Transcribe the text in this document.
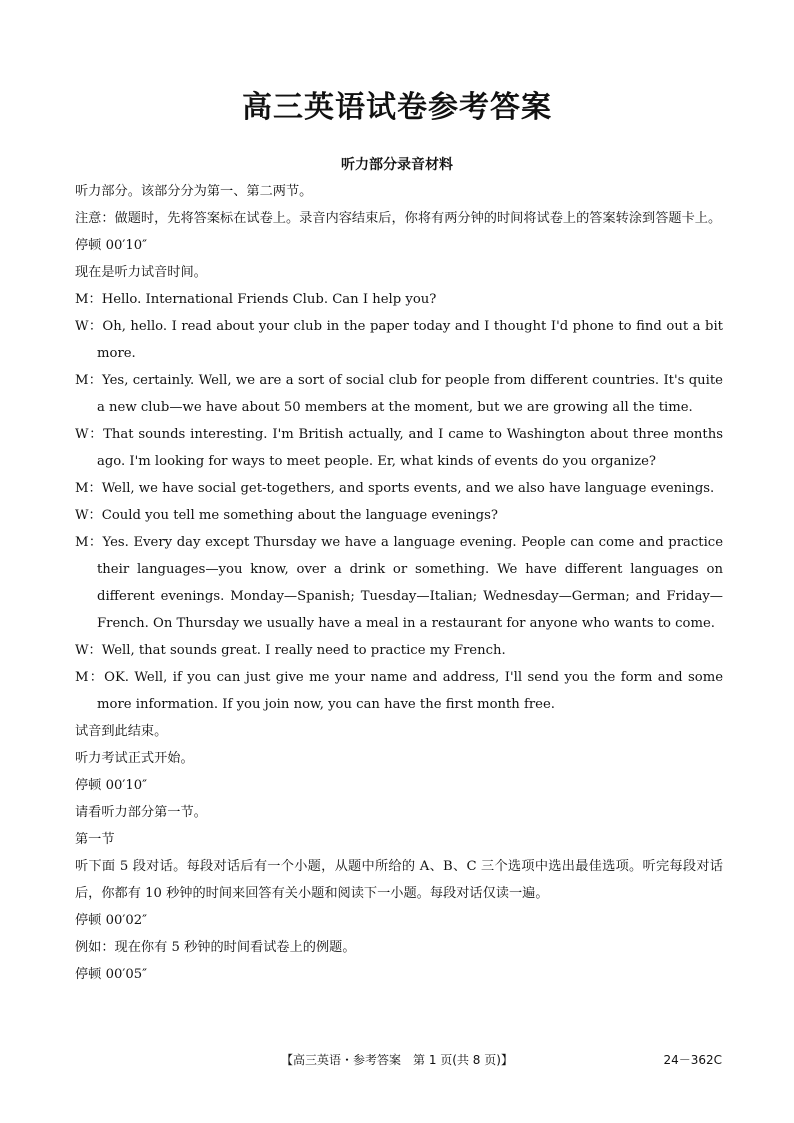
高三英语试卷参考答案
听力部分录音材料

听力部分。该部分分为第一、第二两节。

注意：做题时，先将答案标在试卷上。录音内容结束后，你将有两分钟的时间将试卷上的答案转涂到答题卡上。

停顿 00′10″

现在是听力试音时间。

M：Hello. International Friends Club. Can I help you?

W：Oh, hello. I read about your club in the paper today and I thought I'd phone to find out a bit more.

M：Yes, certainly. Well, we are a sort of social club for people from different countries. It's quite a new club—we have about 50 members at the moment, but we are growing all the time.

W：That sounds interesting. I'm British actually, and I came to Washington about three months ago. I'm looking for ways to meet people. Er, what kinds of events do you organize?

M：Well, we have social get-togethers, and sports events, and we also have language evenings.

W：Could you tell me something about the language evenings?

M：Yes. Every day except Thursday we have a language evening. People can come and practice their languages—you know, over a drink or something. We have different languages on different evenings. Monday—Spanish; Tuesday—Italian; Wednesday—German; and Friday—French. On Thursday we usually have a meal in a restaurant for anyone who wants to come.

W：Well, that sounds great. I really need to practice my French.

M：OK. Well, if you can just give me your name and address, I'll send you the form and some more information. If you join now, you can have the first month free.

试音到此结束。

听力考试正式开始。

停顿 00′10″

请看听力部分第一节。

第一节

听下面 5 段对话。每段对话后有一个小题，从题中所给的 A、B、C 三个选项中选出最佳选项。听完每段对话后，你都有 10 秒钟的时间来回答有关小题和阅读下一小题。每段对话仅读一遍。

停顿 00′02″

例如：现在你有 5 秒钟的时间看试卷上的例题。

停顿 00′05″

【高三英语・参考答案　第 1 页(共 8 页)】	24－362C
